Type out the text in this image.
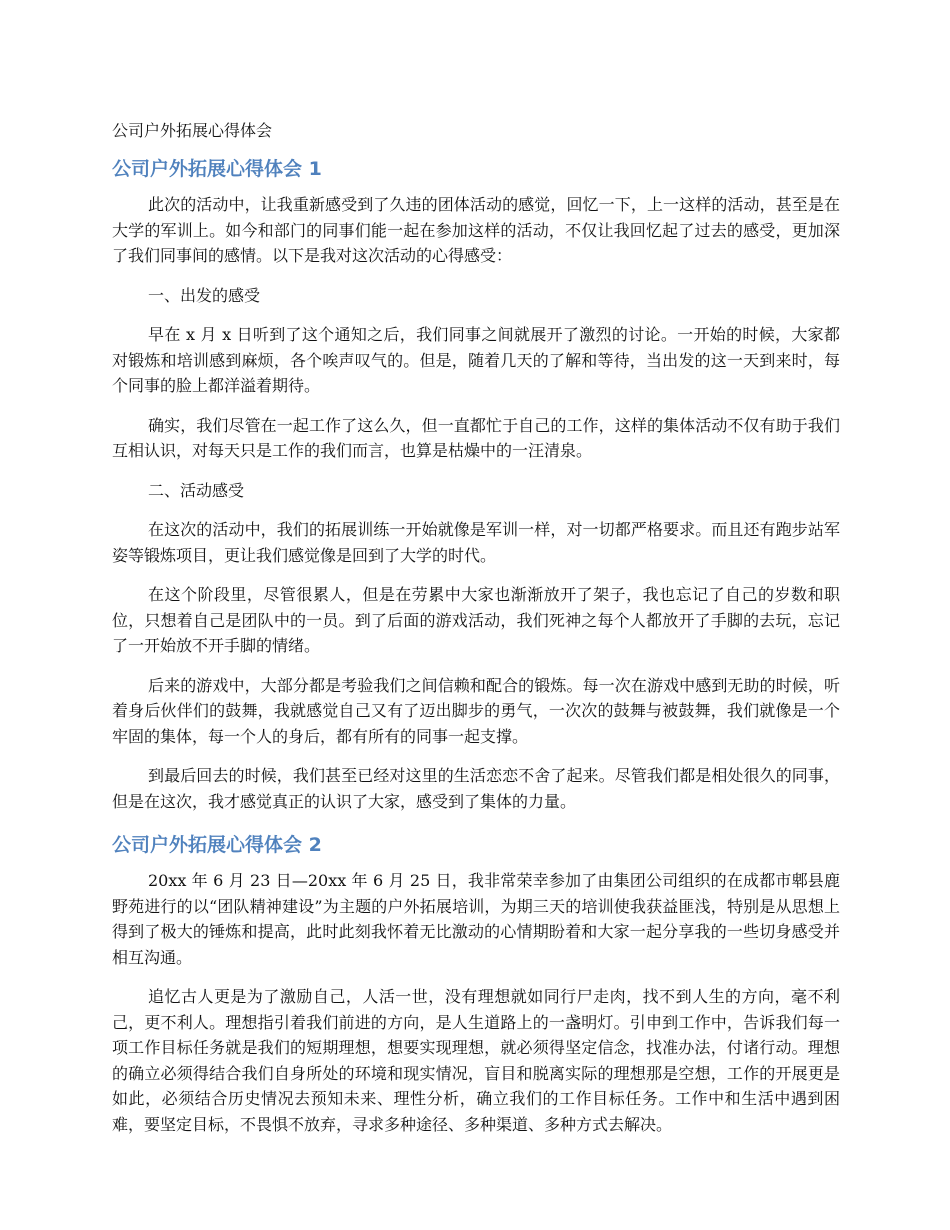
公司户外拓展心得体会
公司户外拓展心得体会 1

此次的活动中，让我重新感受到了久违的团体活动的感觉，回忆一下，上一这样的活动，甚至是在大学的军训上。如今和部门的同事们能一起在参加这样的活动，不仅让我回忆起了过去的感受，更加深了我们同事间的感情。以下是我对这次活动的心得感受：

一、出发的感受

早在 x 月 x 日听到了这个通知之后，我们同事之间就展开了激烈的讨论。一开始的时候，大家都对锻炼和培训感到麻烦，各个唉声叹气的。但是，随着几天的了解和等待，当出发的这一天到来时，每个同事的脸上都洋溢着期待。

确实，我们尽管在一起工作了这么久，但一直都忙于自己的工作，这样的集体活动不仅有助于我们互相认识，对每天只是工作的我们而言，也算是枯燥中的一汪清泉。

二、活动感受

在这次的活动中，我们的拓展训练一开始就像是军训一样，对一切都严格要求。而且还有跑步站军姿等锻炼项目，更让我们感觉像是回到了大学的时代。

在这个阶段里，尽管很累人，但是在劳累中大家也渐渐放开了架子，我也忘记了自己的岁数和职位，只想着自己是团队中的一员。到了后面的游戏活动，我们死神之每个人都放开了手脚的去玩，忘记了一开始放不开手脚的情绪。

后来的游戏中，大部分都是考验我们之间信赖和配合的锻炼。每一次在游戏中感到无助的时候，听着身后伙伴们的鼓舞，我就感觉自己又有了迈出脚步的勇气，一次次的鼓舞与被鼓舞，我们就像是一个牢固的集体，每一个人的身后，都有所有的同事一起支撑。

到最后回去的时候，我们甚至已经对这里的生活恋恋不舍了起来。尽管我们都是相处很久的同事，但是在这次，我才感觉真正的认识了大家，感受到了集体的力量。

公司户外拓展心得体会 2

20xx 年 6 月 23 日—20xx 年 6 月 25 日，我非常荣幸参加了由集团公司组织的在成都市郫县鹿野苑进行的以“团队精神建设”为主题的户外拓展培训，为期三天的培训使我获益匪浅，特别是从思想上得到了极大的锤炼和提高，此时此刻我怀着无比激动的心情期盼着和大家一起分享我的一些切身感受并相互沟通。

追忆古人更是为了激励自己，人活一世，没有理想就如同行尸走肉，找不到人生的方向，毫不利己，更不利人。理想指引着我们前进的方向，是人生道路上的一盏明灯。引申到工作中，告诉我们每一项工作目标任务就是我们的短期理想，想要实现理想，就必须得坚定信念，找准办法，付诸行动。理想的确立必须得结合我们自身所处的环境和现实情况，盲目和脱离实际的理想那是空想，工作的开展更是如此，必须结合历史情况去预知未来、理性分析，确立我们的工作目标任务。工作中和生活中遇到困难，要坚定目标，不畏惧不放弃，寻求多种途径、多种渠道、多种方式去解决。
